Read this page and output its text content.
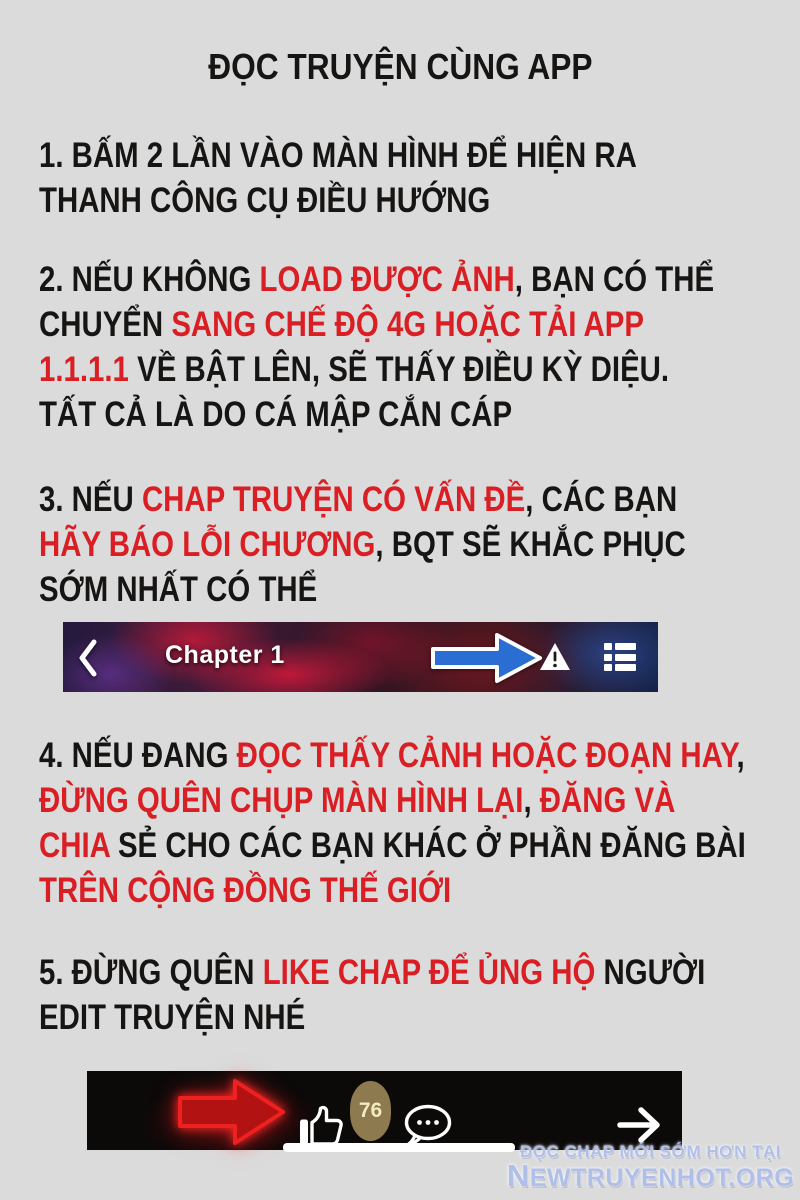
ĐỌC TRUYỆN CÙNG APP
1. BẤM 2 LẦN VÀO MÀN HÌNH ĐỂ HIỆN RA
THANH CÔNG CỤ ĐIỀU HƯỚNG
2. NẾU KHÔNG LOAD ĐƯỢC ẢNH, BẠN CÓ THỂ
CHUYỂN SANG CHẾ ĐỘ 4G HOẶC TẢI APP
1.1.1.1 VỀ BẬT LÊN, SẼ THẤY ĐIỀU KỲ DIỆU.
TẤT CẢ LÀ DO CÁ MẬP CẮN CÁP
3. NẾU CHAP TRUYỆN CÓ VẤN ĐỀ, CÁC BẠN
HÃY BÁO LỖI CHƯƠNG, BQT SẼ KHẮC PHỤC
SỚM NHẤT CÓ THỂ
Chapter 1
4. NẾU ĐANG ĐỌC THẤY CẢNH HOẶC ĐOẠN HAY,
ĐỪNG QUÊN CHỤP MÀN HÌNH LẠI, ĐĂNG VÀ
CHIA SẺ CHO CÁC BẠN KHÁC Ở PHẦN ĐĂNG BÀI
TRÊN CỘNG ĐỒNG THẾ GIỚI
5. ĐỪNG QUÊN LIKE CHAP ĐỂ ỦNG HỘ NGƯỜI
EDIT TRUYỆN NHÉ
76
ĐỌC CHAP MỚI SỚM HƠN TẠI
NEWTRUYENHOT.ORG
